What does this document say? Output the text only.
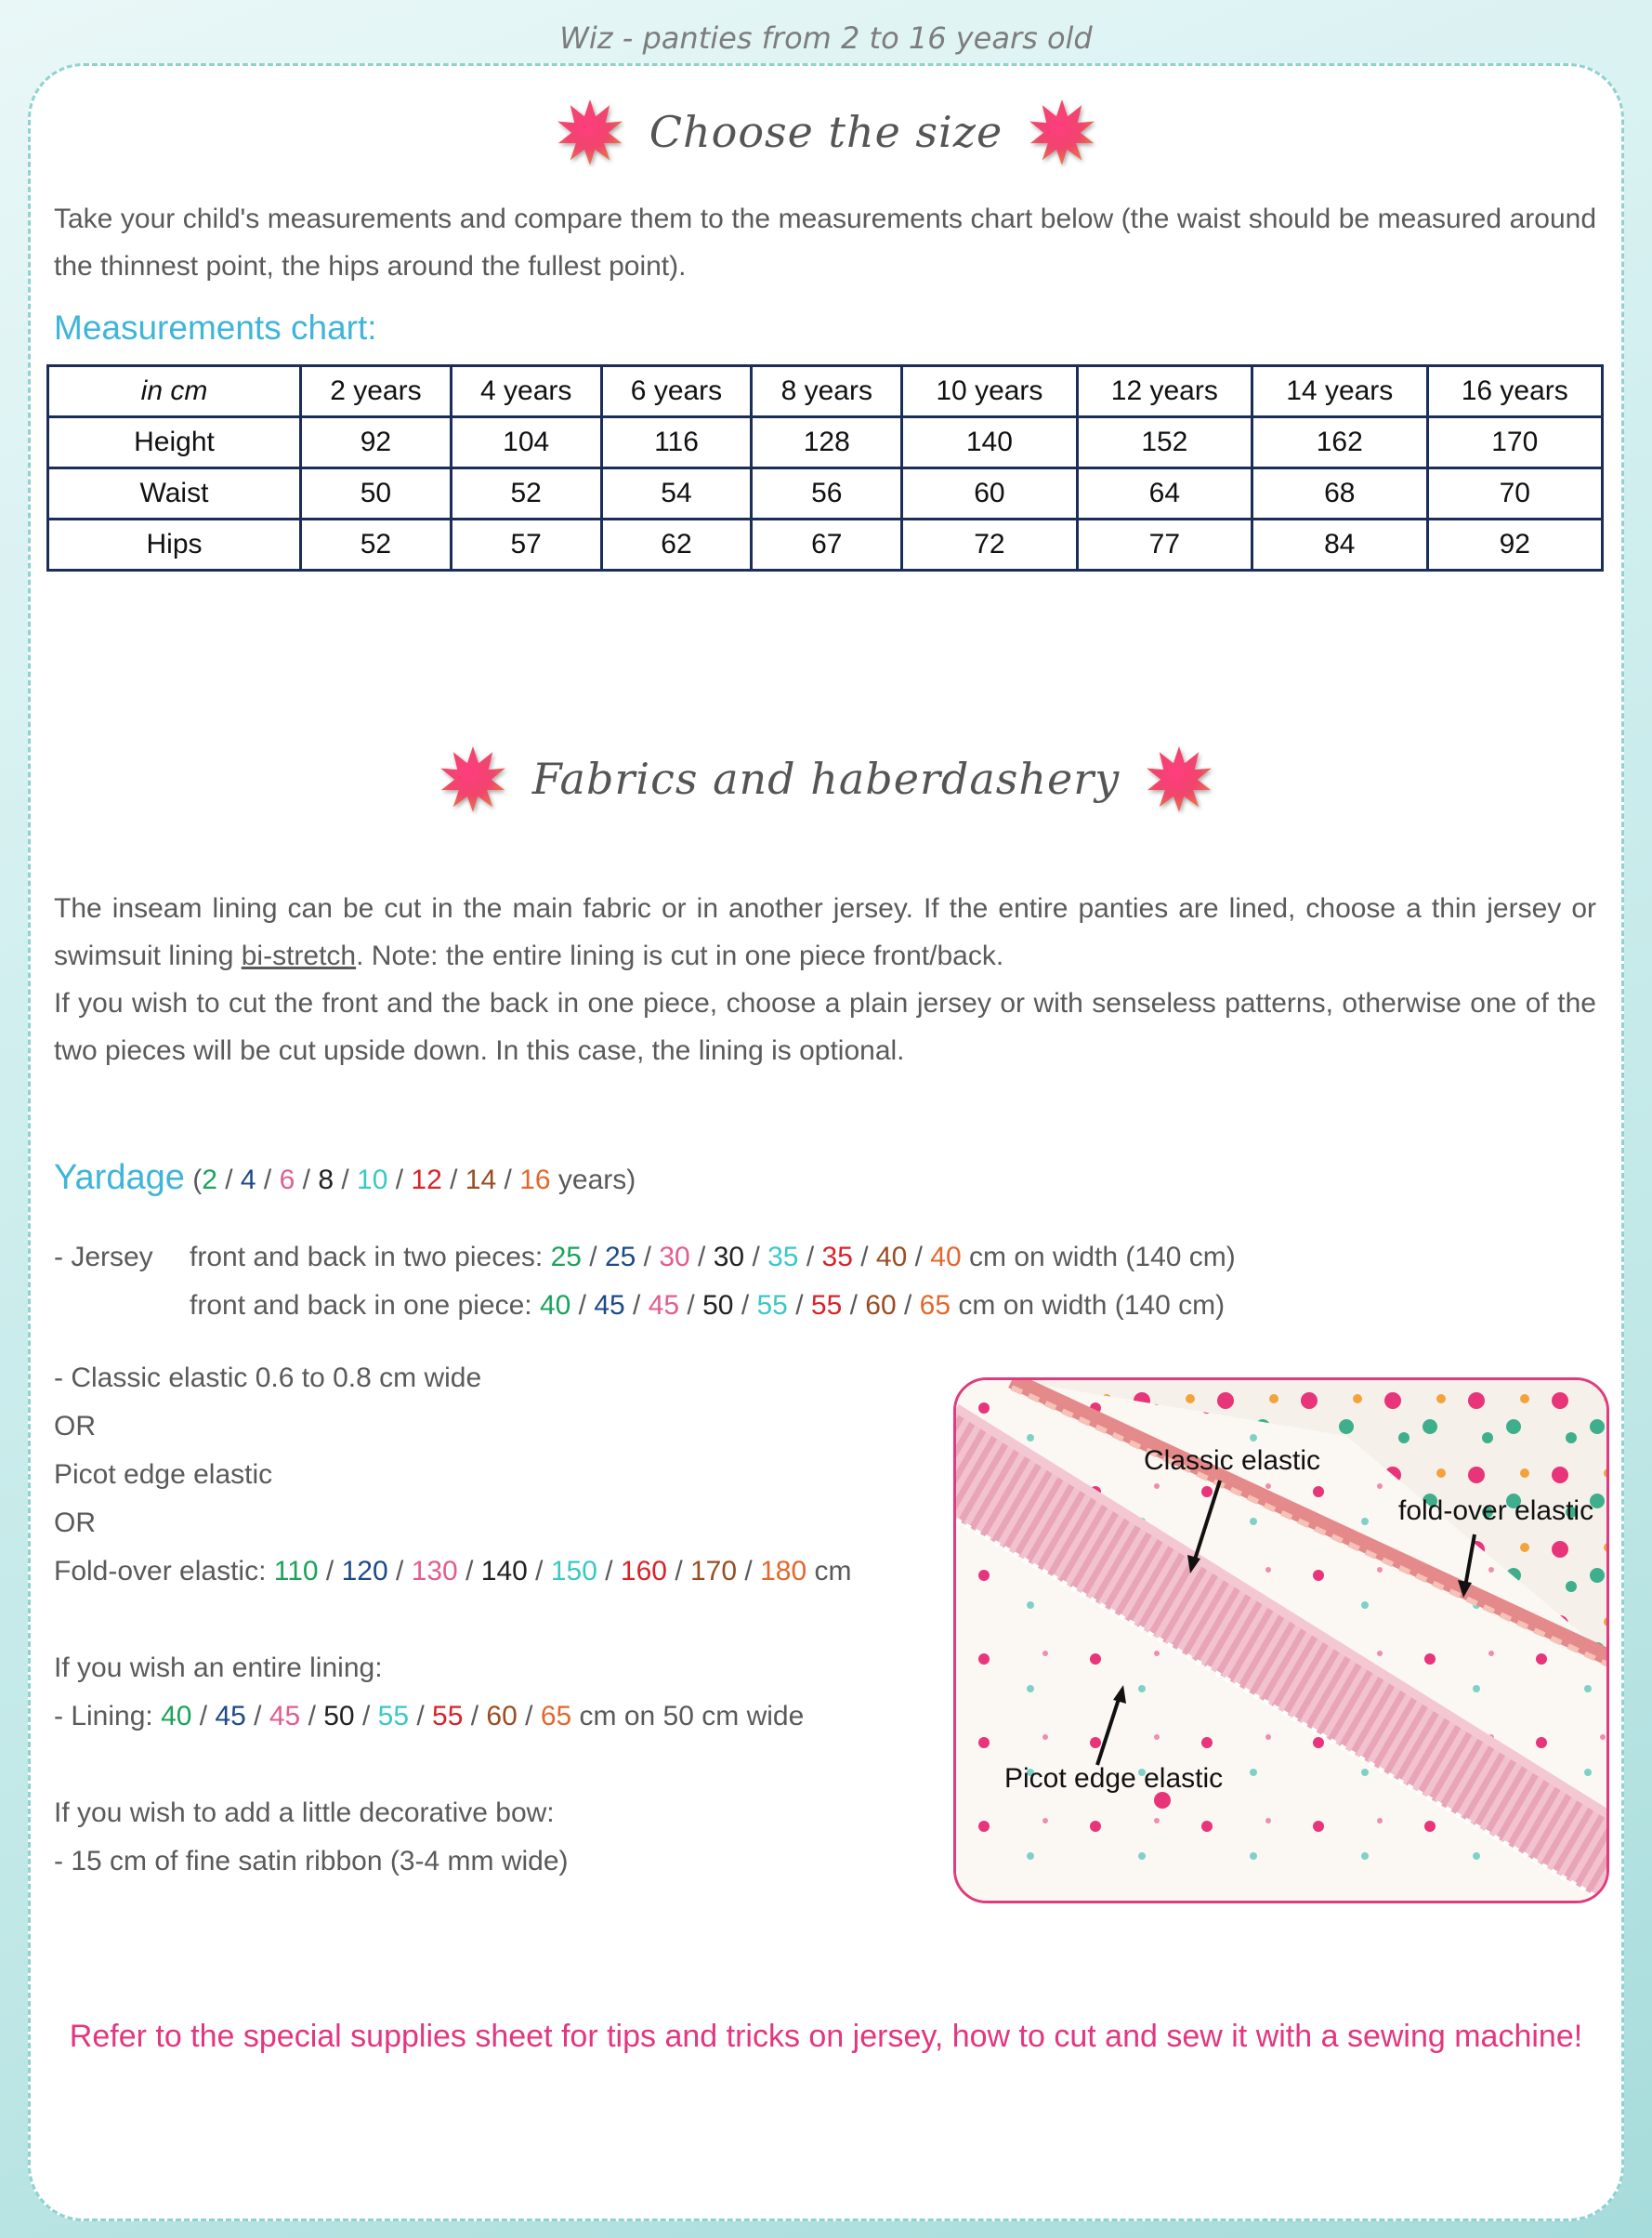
Wiz - panties from 2 to 16 years old
Choose the size
Take your child's measurements and compare them to the measurements chart below (the waist should be measured around the thinnest point, the hips around the fullest point).
Measurements chart:
in cm	2 years	4 years	6 years	8 years	10 years	12 years	14 years	16 years
Height	92	104	116	128	140	152	162	170
Waist	50	52	54	56	60	64	68	70
Hips	52	57	62	67	72	77	84	92
Fabrics and haberdashery
The inseam lining can be cut in the main fabric or in another jersey. If the entire panties are lined, choose a thin jersey or swimsuit lining bi-stretch. Note: the entire lining is cut in one piece front/back.
If you wish to cut the front and the back in one piece, choose a plain jersey or with senseless patterns, otherwise one of the two pieces will be cut upside down. In this case, the lining is optional.
Yardage (2 / 4 / 6 / 8 / 10 / 12 / 14 / 16 years)
- Jersey front and back in two pieces: 25 / 25 / 30 / 30 / 35 / 35 / 40 / 40 cm on width (140 cm)
front and back in one piece: 40 / 45 / 45 / 50 / 55 / 55 / 60 / 65 cm on width (140 cm)
- Classic elastic 0.6 to 0.8 cm wide
OR
Picot edge elastic
OR
Fold-over elastic: 110 / 120 / 130 / 140 / 150 / 160 / 170 / 180 cm
If you wish an entire lining:
- Lining: 40 / 45 / 45 / 50 / 55 / 55 / 60 / 65 cm on 50 cm wide
If you wish to add a little decorative bow:
- 15 cm of fine satin ribbon (3-4 mm wide)
Classic elastic
fold-over elastic
Picot edge elastic
Refer to the special supplies sheet for tips and tricks on jersey, how to cut and sew it with a sewing machine!
